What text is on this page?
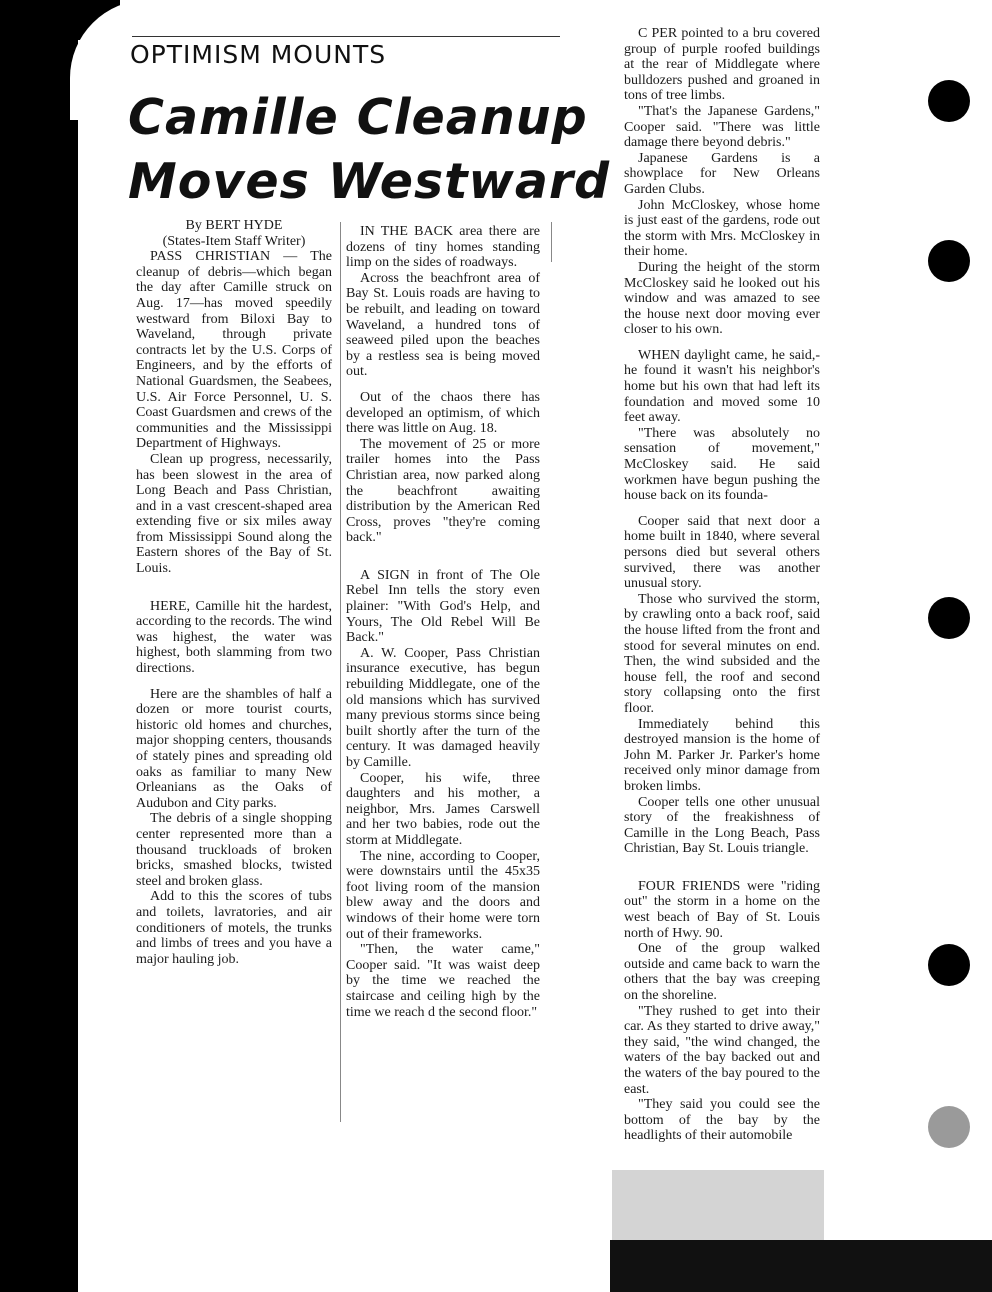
OPTIMISM MOUNTS
Camille Cleanup
Moves Westward

By BERT HYDE

(States-Item Staff Writer)

PASS CHRISTIAN — The cleanup of debris—which began the day after Camille struck on Aug. 17—has moved speedily westward from Biloxi Bay to Waveland, through private contracts let by the U.S. Corps of Engineers, and by the efforts of National Guardsmen, the Seabees, U.S. Air Force Personnel, U. S. Coast Guardsmen and crews of the communities and the Mississippi Department of Highways.

Clean up progress, necessarily, has been slowest in the area of Long Beach and Pass Christian, and in a vast crescent-shaped area extending five or six miles away from Mississippi Sound along the Eastern shores of the Bay of St. Louis.

HERE, Camille hit the hardest, according to the records. The wind was highest, the water was highest, both slamming from two directions.

Here are the shambles of half a dozen or more tourist courts, historic old homes and churches, major shopping centers, thousands of stately pines and spreading old oaks as familiar to many New Orleanians as the Oaks of Audubon and City parks.

The debris of a single shopping center represented more than a thousand truckloads of broken bricks, smashed blocks, twisted steel and broken glass.

Add to this the scores of tubs and toilets, lavratories, and air conditioners of motels, the trunks and limbs of trees and you have a major hauling job.

IN THE BACK area there are dozens of tiny homes standing limp on the sides of roadways.

Across the beachfront area of Bay St. Louis roads are having to be rebuilt, and leading on toward Waveland, a hundred tons of seaweed piled upon the beaches by a restless sea is being moved out.

Out of the chaos there has developed an optimism, of which there was little on Aug. 18.

The movement of 25 or more trailer homes into the Pass Christian area, now parked along the beachfront awaiting distribution by the American Red Cross, proves "they're coming back."

A SIGN in front of The Ole Rebel Inn tells the story even plainer: "With God's Help, and Yours, The Old Rebel Will Be Back."

A. W. Cooper, Pass Christian insurance executive, has begun rebuilding Middlegate, one of the old mansions which has survived many previous storms since being built shortly after the turn of the century. It was damaged heavily by Camille.

Cooper, his wife, three daughters and his mother, a neighbor, Mrs. James Carswell and her two babies, rode out the storm at Middlegate.

The nine, according to Cooper, were downstairs until the 45x35 foot living room of the mansion blew away and the doors and windows of their home were torn out of their frameworks.

"Then, the water came," Cooper said. "It was waist deep by the time we reached the staircase and ceiling high by the time we reach d the second floor."

C PER pointed to a bru covered group of purple roofed buildings at the rear of Middlegate where bulldozers pushed and groaned in tons of tree limbs.

"That's the Japanese Gardens," Cooper said. "There was little damage there beyond debris."

Japanese Gardens is a showplace for New Orleans Garden Clubs.

John McCloskey, whose home is just east of the gardens, rode out the storm with Mrs. McCloskey in their home.

During the height of the storm McCloskey said he looked out his window and was amazed to see the house next door moving ever closer to his own.

WHEN daylight came, he said,-he found it wasn't his neighbor's home but his own that had left its foundation and moved some 10 feet away.

"There was absolutely no sensation of movement," McCloskey said. He said workmen have begun pushing the house back on its founda-

Cooper said that next door a home built in 1840, where several persons died but several others survived, there was another unusual story.

Those who survived the storm, by crawling onto a back roof, said the house lifted from the front and stood for several minutes on end. Then, the wind subsided and the house fell, the roof and second story collapsing onto the first floor.

Immediately behind this destroyed mansion is the home of John M. Parker Jr. Parker's home received only minor damage from broken limbs.

Cooper tells one other unusual story of the freakishness of Camille in the Long Beach, Pass Christian, Bay St. Louis triangle.

FOUR FRIENDS were "riding out" the storm in a home on the west beach of Bay of St. Louis north of Hwy. 90.

One of the group walked outside and came back to warn the others that the bay was creeping on the shoreline.

"They rushed to get into their car. As they started to drive away," they said, "the wind changed, the waters of the bay backed out and the waters of the bay poured to the east.

"They said you could see the bottom of the bay by the headlights of their automobile
